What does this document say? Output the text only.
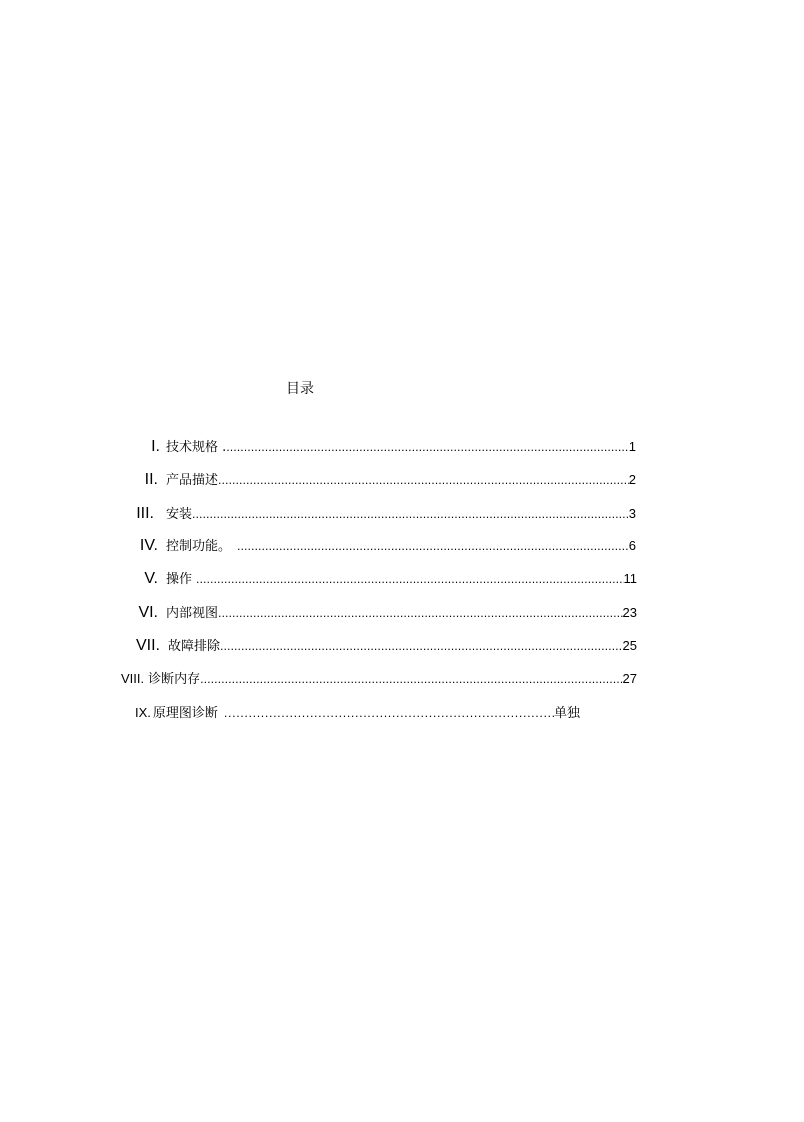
目录
I. 技术规格 . .....	1
II. 产品描述 .....	2
III. 安装 .....	3
IV. 控制功能。 .....	6
V. 操作 .....	11
VI. 内部视图 .....	23
VII. 故障排除 .....	25
VIII. 诊断内存 .....	27
IX. 原理图诊断 .....	单独
